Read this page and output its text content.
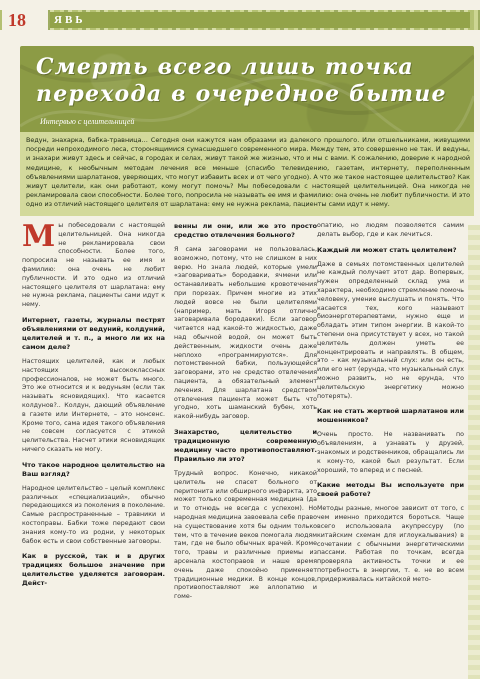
18	ЯВЬ
Смерть всего лишь точка перехода в очередное бытие
Интервью с целительницей

Ведун, знахарка, бабка-травница… Сегодня они кажутся нам образами из далекого прошлого. Или отшельниками, живущими посреди непроходимого леса, сторонящимися сумасшедшего современного мира. Между тем, это совершенно не так. И ведуны, и знахари живут здесь и сейчас, в городах и селах, живут такой же жизнью, что и мы с вами. К сожалению, доверие к народной медицине, к необычным методам лечения все меньше (спасибо телевидению, газетам, интернету, переполненным объявлениями шарлатанов, уверяющих, что могут избавить всех и от чего угодно). А что же такое настоящее целительство? Как живут целители, как они работают, кому могут помочь? Мы побеседовали с настоящей целительницей. Она никогда не рекламировала свои способности. Более того, попросила не называть ее имя и фамилию: она очень не любит публичности. И это одно из отличий настоящего целителя от шарлатана: ему не нужна реклама, пациенты сами идут к нему.

Мы побеседовали с настоящей целительницей. Она никогда не рекламировала свои способности. Более того, попросила не называть ее имя и фамилию: она очень не любит публичности. И это одно из отличий настоящего целителя от шарлатана: ему не нужна реклама, пациенты сами идут к нему.

Интернет, газеты, журналы пестрят объявлениями от ведуний, колдуний, целителей и т. п., а много ли их на самом деле?

Настоящих целителей, как и любых настоящих высококлассных профессионалов, не может быть много. Это же относится и к ведуньям (если так называть ясновидящих). Что касается колдунов?.. Колдун, дающий объявление в газете или Интернете, – это нонсенс. Кроме того, сама идея такого объявления не совсем согласуется с этикой целительства. Насчет этики ясновидящих ничего сказать не могу.

Что такое народное целительство на Ваш взгляд?

Народное целительство – целый комплекс различных «специализаций», обычно передающихся из поколения в поколение. Самые распространенные – травники и костоправы. Бабки тоже передают свои знания кому-то из родни, у некоторых бабок есть и свои собственные заговоры.

Как в русской, так и в других традициях большое значение при целительстве уделяется заговорам. Дейст-
венны ли они, или же это просто средство отвлечения больного?

Я сама заговорами не пользовалась, возможно, потому, что не слишком в них верю. Но знала людей, которые умели «заговаривать» бородавки, ячмени или останавливать небольшие кровотечения при порезах. Причем многие из этих людей вовсе не были целителями (например, мать Игоря отлично заговаривала бородавки). Если заговор читается над какой-то жидкостью, даже над обычной водой, он может быть действенным, жидкости очень даже неплохо «программируются». Для потомственной бабки, пользующейся заговорами, это не средство отвлечения пациента, а обязательный элемент лечения. Для шарлатана средством отвлечения пациента может быть что угодно, хоть шаманский бубен, хоть какой-нибудь заговор.

Знахарство, целительство и традиционную современную медицину часто противопоставляют. Правильно ли это?

Трудный вопрос. Конечно, никакой целитель не спасет больного от перитонита или обширного инфаркта, это может только современная медицина (да и то отнюдь не всегда с успехом). Но народная медицина завоевала себе право на существование хотя бы одним только тем, что в течение веков помогала людям там, где не было обычных врачей. Кроме того, травы и различные приемы из арсенала костоправов и наше время очень даже спокойно применяет традиционные медики. В конце концов, противопоставляют же аллопатию и гоме-

опатию, но людям позволяется самим делать выбор, где и как лечиться.

Каждый ли может стать целителем?

Даже в семьях потомственных целителей не каждый получает этот дар. Вопервых, нужен определенный склад ума и характера, необходимо стремление помочь человеку, умение выслушать и понять. Что касается тех, кого называют биоэнерготерапевтами, нужно еще и обладать этим типом энергии. В какой-то степени она присутствует у всех, но такой целитель должен уметь ее концентрировать и направлять. В общем, это – как музыкальный слух: или он есть, или его нет (ерунда, что музыкальный слух можно развить, но не ерунда, что целительскую энергетику можно потерять).

Как не стать жертвой шарлатанов или мошенников?

Очень просто. Не названивать по объявлениям, а узнавать у друзей, знакомых и родственников, обращались ли к кому-то, какой был результат. Если хороший, то вперед и с песней.

Какие методы Вы используете при своей работе?

Методы разные, многое зависит от того, с чем именно приходится бороться. Чаще всего использовала акупрессуру (по китайским схемам для иглоукалывания) в сочетании с обычными энергетическими пассами. Работая по точкам, всегда проверяла активность точки и ее потребность в энергии, т. е. не во всем придерживалась китайской мето-
